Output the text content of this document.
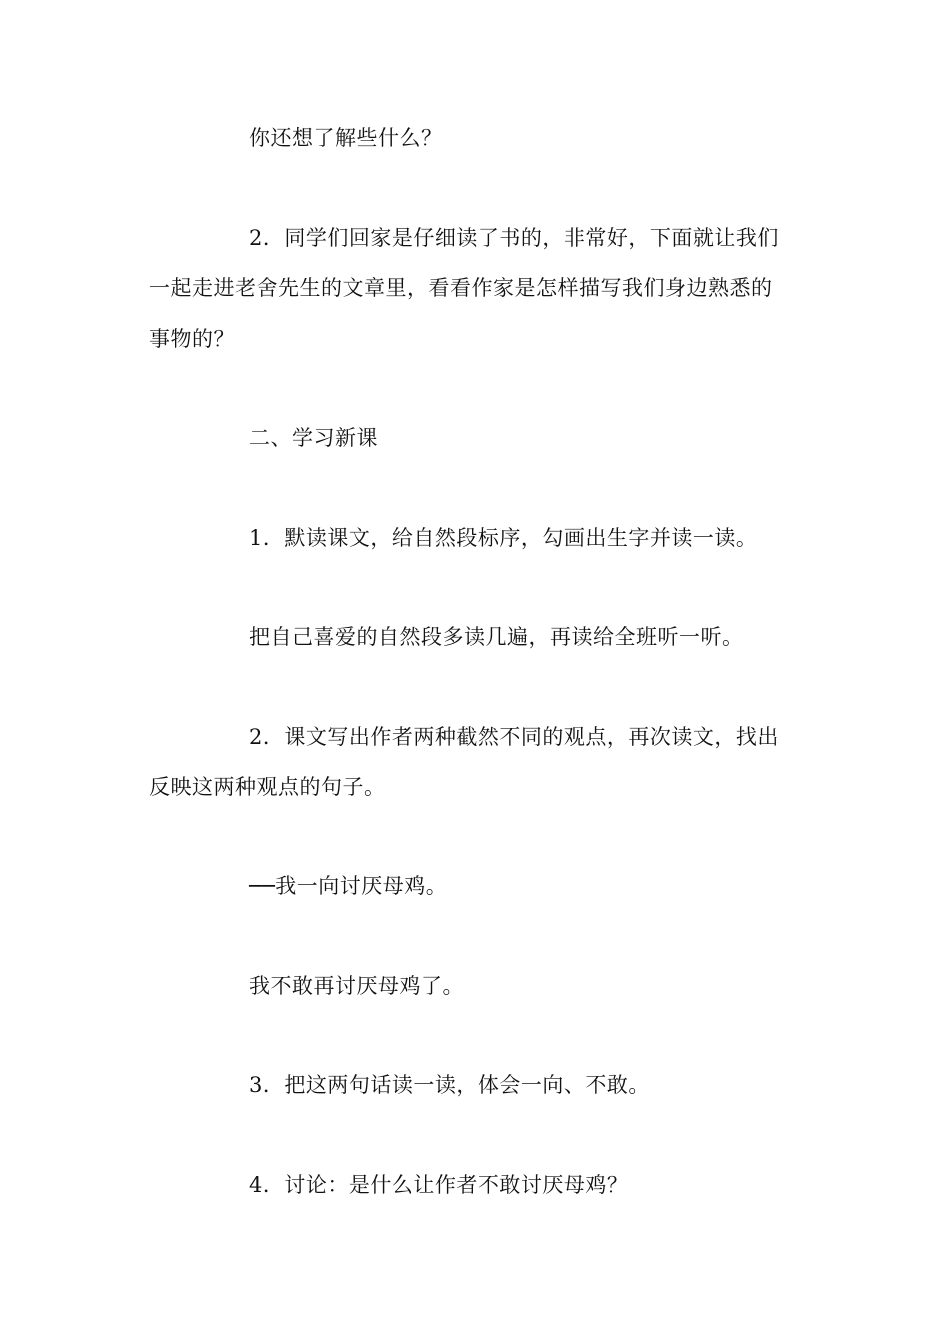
你还想了解些什么？
2．同学们回家是仔细读了书的，非常好，下面就让我们
一起走进老舍先生的文章里，看看作家是怎样描写我们身边熟悉的
事物的？
二、学习新课
1．默读课文，给自然段标序，勾画出生字并读一读。
把自己喜爱的自然段多读几遍，再读给全班听一听。
2．课文写出作者两种截然不同的观点，再次读文，找出
反映这两种观点的句子。
──我一向讨厌母鸡。
我不敢再讨厌母鸡了。
3．把这两句话读一读，体会一向、不敢。
4．讨论：是什么让作者不敢讨厌母鸡？
